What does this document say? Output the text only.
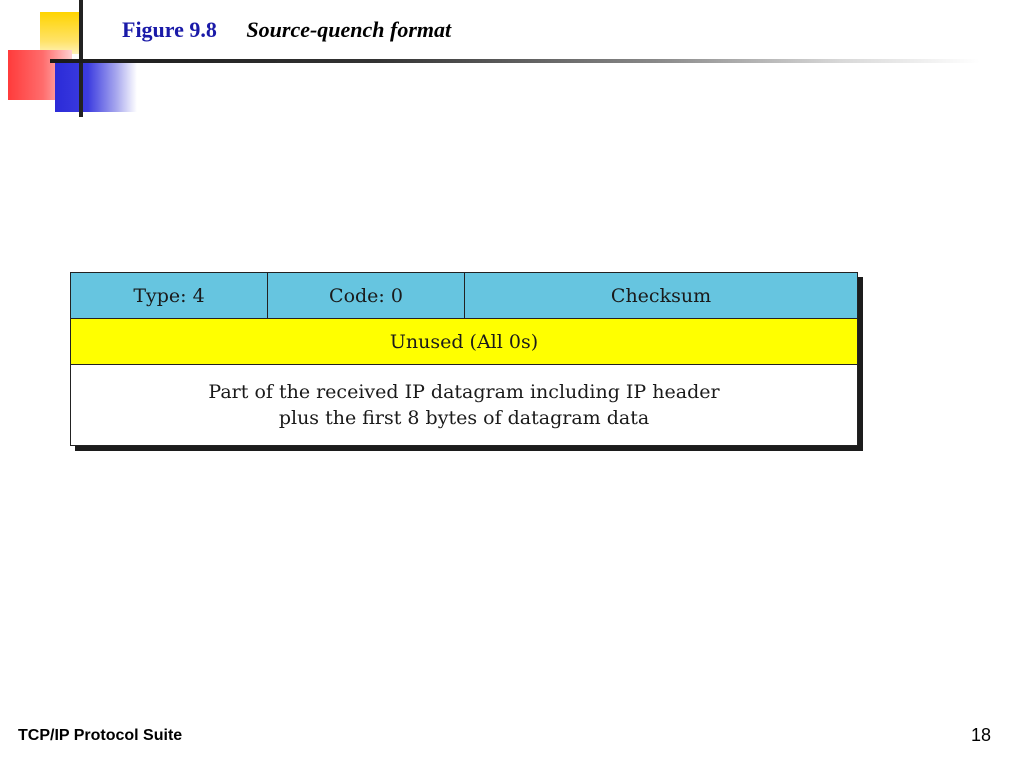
Figure 9.8 Source-quench format
Type: 4	Code: 0	Checksum
Unused (All 0s)
Part of the received IP datagram including IP header
plus the first 8 bytes of datagram data
TCP/IP Protocol Suite	18
